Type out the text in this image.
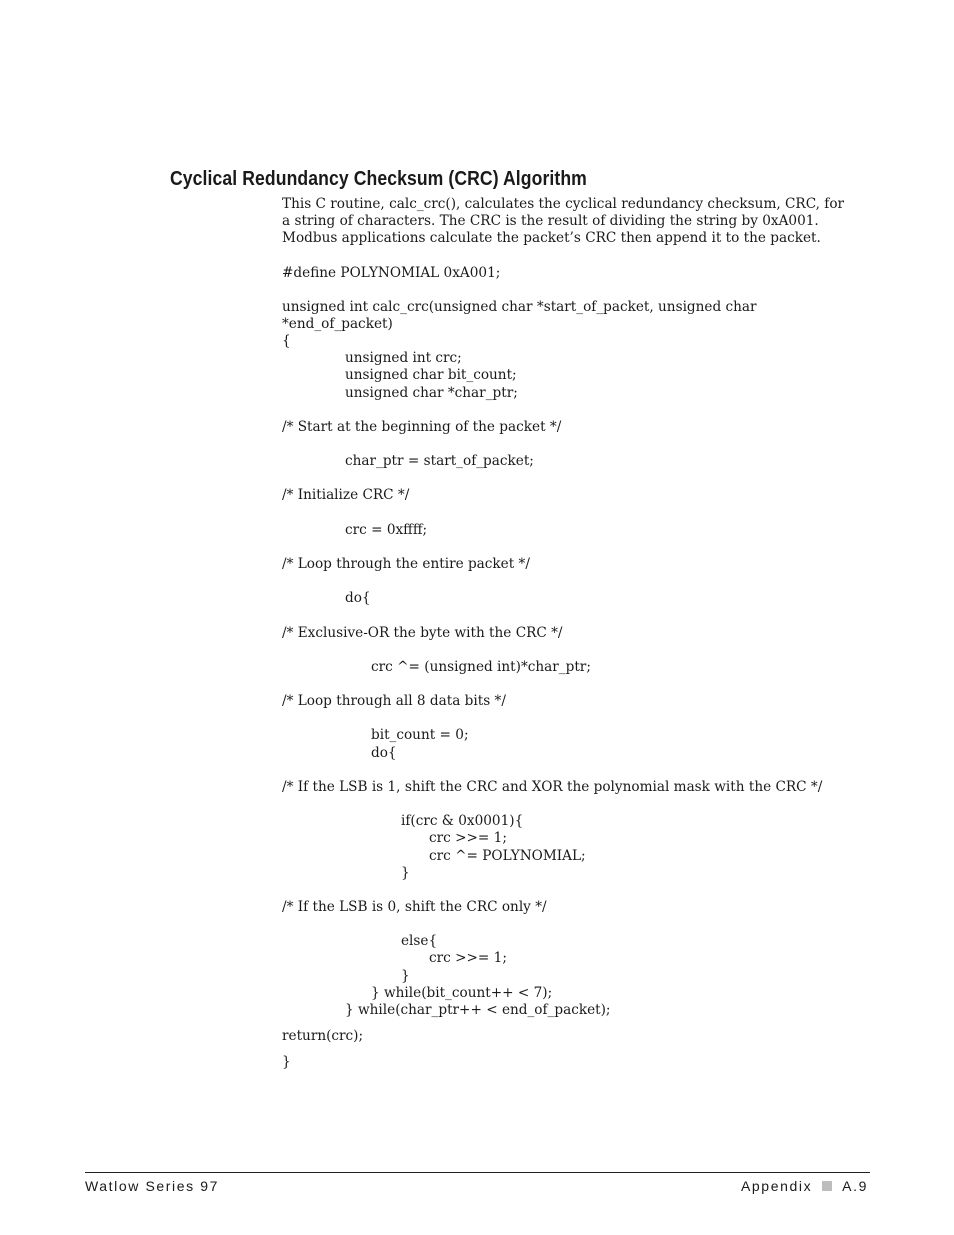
Cyclical Redundancy Checksum (CRC) Algorithm

This C routine, calc_crc(), calculates the cyclical redundancy checksum, CRC, for

a string of characters. The CRC is the result of dividing the string by 0xA001.

Modbus applications calculate the packet’s CRC then append it to the packet.

#define POLYNOMIAL 0xA001;
unsigned int calc_crc(unsigned char *start_of_packet, unsigned char
*end_of_packet)
{
unsigned int crc;
unsigned char bit_count;
unsigned char *char_ptr;
/* Start at the beginning of the packet */
char_ptr = start_of_packet;
/* Initialize CRC */
crc = 0xffff;
/* Loop through the entire packet */
do{
/* Exclusive-OR the byte with the CRC */
crc ^= (unsigned int)*char_ptr;
/* Loop through all 8 data bits */
bit_count = 0;
do{
/* If the LSB is 1, shift the CRC and XOR the polynomial mask with the CRC */
if(crc & 0x0001){
crc >>= 1;
crc ^= POLYNOMIAL;
}
/* If the LSB is 0, shift the CRC only */
else{
crc >>= 1;
}
} while(bit_count++ < 7);
} while(char_ptr++ < end_of_packet);
return(crc);
}
Watlow Series 97	Appendix A.9
